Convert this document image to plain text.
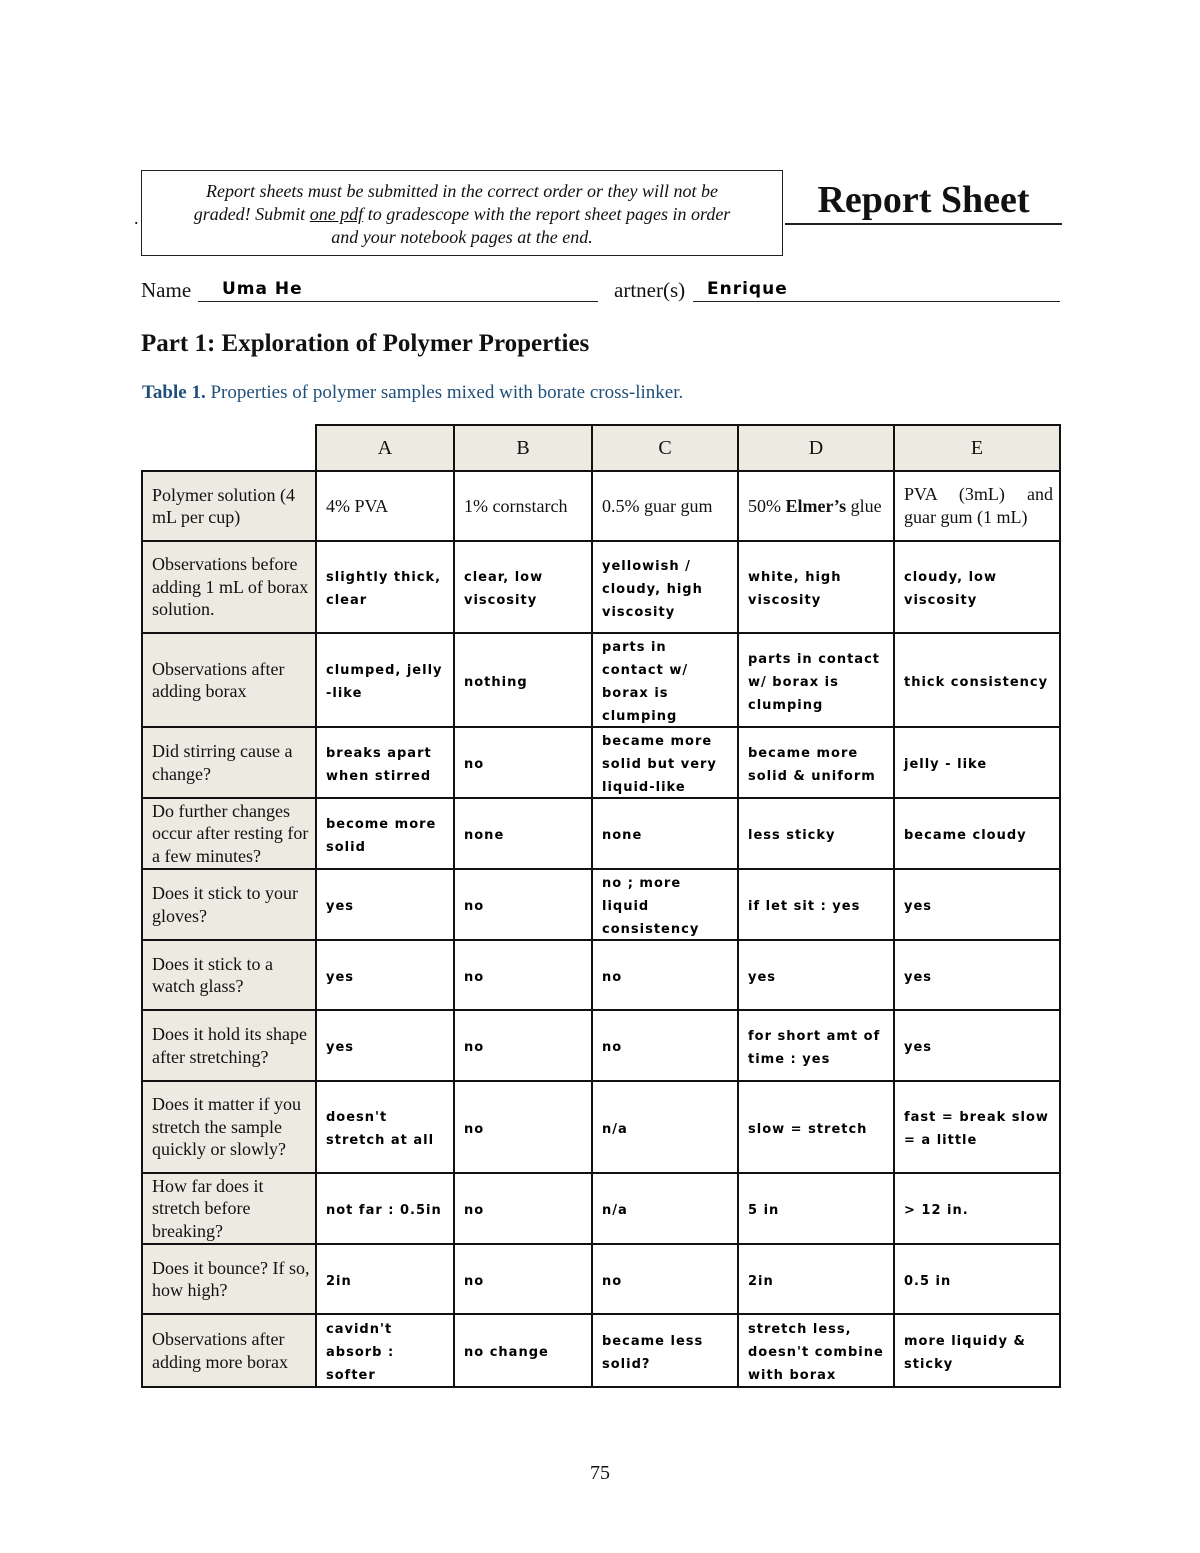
Report sheets must be submitted in the correct order or they will not be
graded! Submit one pdf to gradescope with the report sheet pages in order
and your notebook pages at the end.
.	Report Sheet
Name Uma He	artner(s) Enrique
Part 1: Exploration of Polymer Properties
Table 1. Properties of polymer samples mixed with borate cross-linker.
	A	B	C	D	E
Polymer solution (4 mL per cup)	4% PVA	1% cornstarch	0.5% guar gum	50% Elmer’s glue	PVA (3mL) and guar gum (1 mL)
Observations before adding 1 mL of borax solution.	slightly thick, clear	clear, low viscosity	yellowish / cloudy, high viscosity	white, high viscosity	cloudy, low viscosity
Observations after adding borax	clumped, jelly -like	nothing	parts in contact w/ borax is clumping	parts in contact w/ borax is clumping	thick consistency
Did stirring cause a change?	breaks apart when stirred	no	became more solid but very liquid-like	became more solid & uniform	jelly - like
Do further changes occur after resting for a few minutes?	become more solid	none	none	less sticky	became cloudy
Does it stick to your gloves?	yes	no	no ; more liquid consistency	if let sit : yes	yes
Does it stick to a watch glass?	yes	no	no	yes	yes
Does it hold its shape after stretching?	yes	no	no	for short amt of time : yes	yes
Does it matter if you stretch the sample quickly or slowly?	doesn't stretch at all	no	n/a	slow = stretch	fast = break slow = a little
How far does it stretch before breaking?	not far : 0.5in	no	n/a	5 in	> 12 in.
Does it bounce? If so, how high?	2in	no	no	2in	0.5 in
Observations after adding more borax	cavidn't absorb : softer	no change	became less solid?	stretch less, doesn't combine with borax	more liquidy & sticky
75
